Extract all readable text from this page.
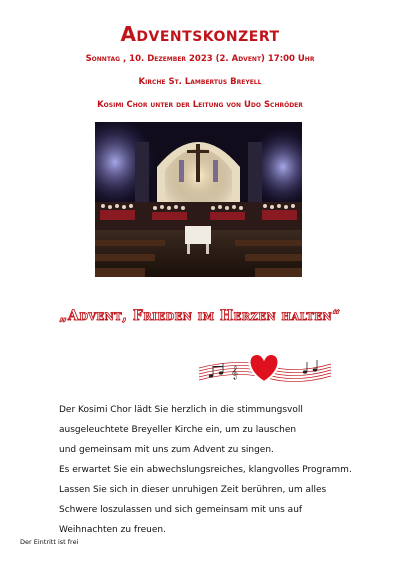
Adventskonzert
Sonntag , 10. Dezember 2023 (2. Advent) 17:00 Uhr
Kirche St. Lambertus Breyell
Kosimi Chor unter der Leitung von Udo Schröder
„Advent, Frieden im Herzen halten“
𝄞
Der Kosimi Chor lädt Sie herzlich in die stimmungsvoll
ausgeleuchtete Breyeller Kirche ein, um zu lauschen
und gemeinsam mit uns zum Advent zu singen.
Es erwartet Sie ein abwechslungsreiches, klangvolles Programm.
Lassen Sie sich in dieser unruhigen Zeit berühren, um alles
Schwere loszulassen und sich gemeinsam mit uns auf
Weihnachten zu freuen.
Der Eintritt ist frei
